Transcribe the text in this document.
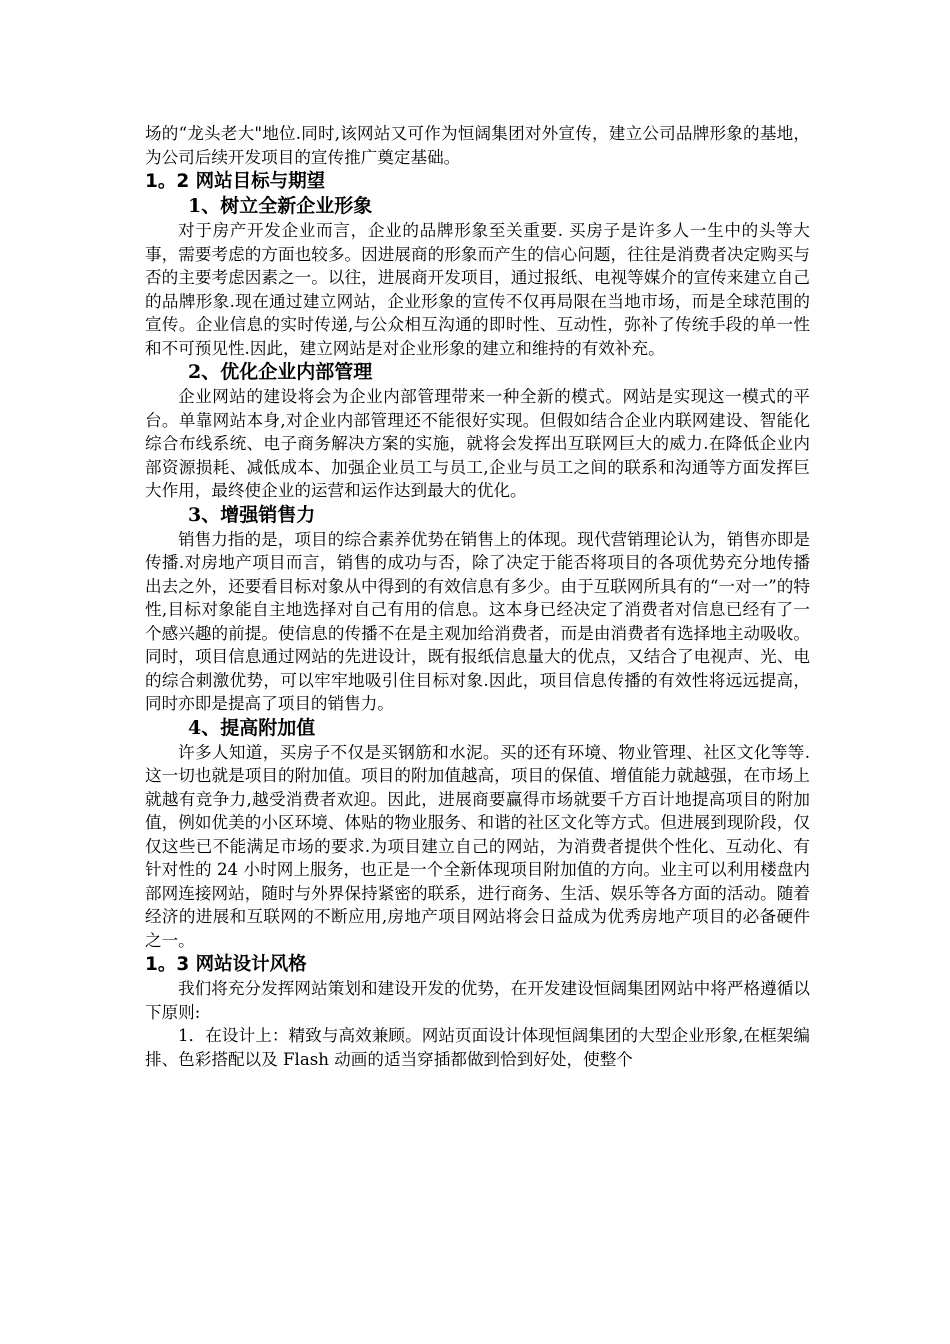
场的“龙头老大"地位.同时,该网站又可作为恒阔集团对外宣传，建立公司品牌形象的基地，为公司后续开发项目的宣传推广奠定基础。

1。2 网站目标与期望
1、树立全新企业形象

对于房产开发企业而言，企业的品牌形象至关重要. 买房子是许多人一生中的头等大事，需要考虑的方面也较多。因进展商的形象而产生的信心问题，往往是消费者决定购买与否的主要考虑因素之一。以往，进展商开发项目，通过报纸、电视等媒介的宣传来建立自己的品牌形象.现在通过建立网站，企业形象的宣传不仅再局限在当地市场，而是全球范围的宣传。企业信息的实时传递,与公众相互沟通的即时性、互动性，弥补了传统手段的单一性和不可预见性.因此，建立网站是对企业形象的建立和维持的有效补充。

2、优化企业内部管理

企业网站的建设将会为企业内部管理带来一种全新的模式。网站是实现这一模式的平台。单靠网站本身,对企业内部管理还不能很好实现。但假如结合企业内联网建设、智能化综合布线系统、电子商务解决方案的实施，就将会发挥出互联网巨大的威力.在降低企业内部资源损耗、减低成本、加强企业员工与员工,企业与员工之间的联系和沟通等方面发挥巨大作用，最终使企业的运营和运作达到最大的优化。

3、增强销售力

销售力指的是，项目的综合素养优势在销售上的体现。现代营销理论认为，销售亦即是传播.对房地产项目而言，销售的成功与否，除了决定于能否将项目的各项优势充分地传播出去之外，还要看目标对象从中得到的有效信息有多少。由于互联网所具有的“一对一”的特性,目标对象能自主地选择对自己有用的信息。这本身已经决定了消费者对信息已经有了一个感兴趣的前提。使信息的传播不在是主观加给消费者，而是由消费者有选择地主动吸收。 同时，项目信息通过网站的先进设计，既有报纸信息量大的优点，又结合了电视声、光、电的综合刺激优势，可以牢牢地吸引住目标对象.因此，项目信息传播的有效性将远远提高，同时亦即是提高了项目的销售力。

4、提高附加值

许多人知道，买房子不仅是买钢筋和水泥。买的还有环境、物业管理、社区文化等等.这一切也就是项目的附加值。项目的附加值越高，项目的保值、增值能力就越强，在市场上就越有竞争力,越受消费者欢迎。因此，进展商要赢得市场就要千方百计地提高项目的附加值，例如优美的小区环境、体贴的物业服务、和谐的社区文化等方式。但进展到现阶段，仅仅这些已不能满足市场的要求.为项目建立自己的网站，为消费者提供个性化、互动化、有针对性的 24 小时网上服务，也正是一个全新体现项目附加值的方向。业主可以利用楼盘内部网连接网站，随时与外界保持紧密的联系，进行商务、生活、娱乐等各方面的活动。随着经济的进展和互联网的不断应用,房地产项目网站将会日益成为优秀房地产项目的必备硬件之一。

1。3 网站设计风格

我们将充分发挥网站策划和建设开发的优势，在开发建设恒阔集团网站中将严格遵循以下原则:

1．在设计上：精致与高效兼顾。网站页面设计体现恒阔集团的大型企业形象,在框架编排、色彩搭配以及 Flash 动画的适当穿插都做到恰到好处，使整个
